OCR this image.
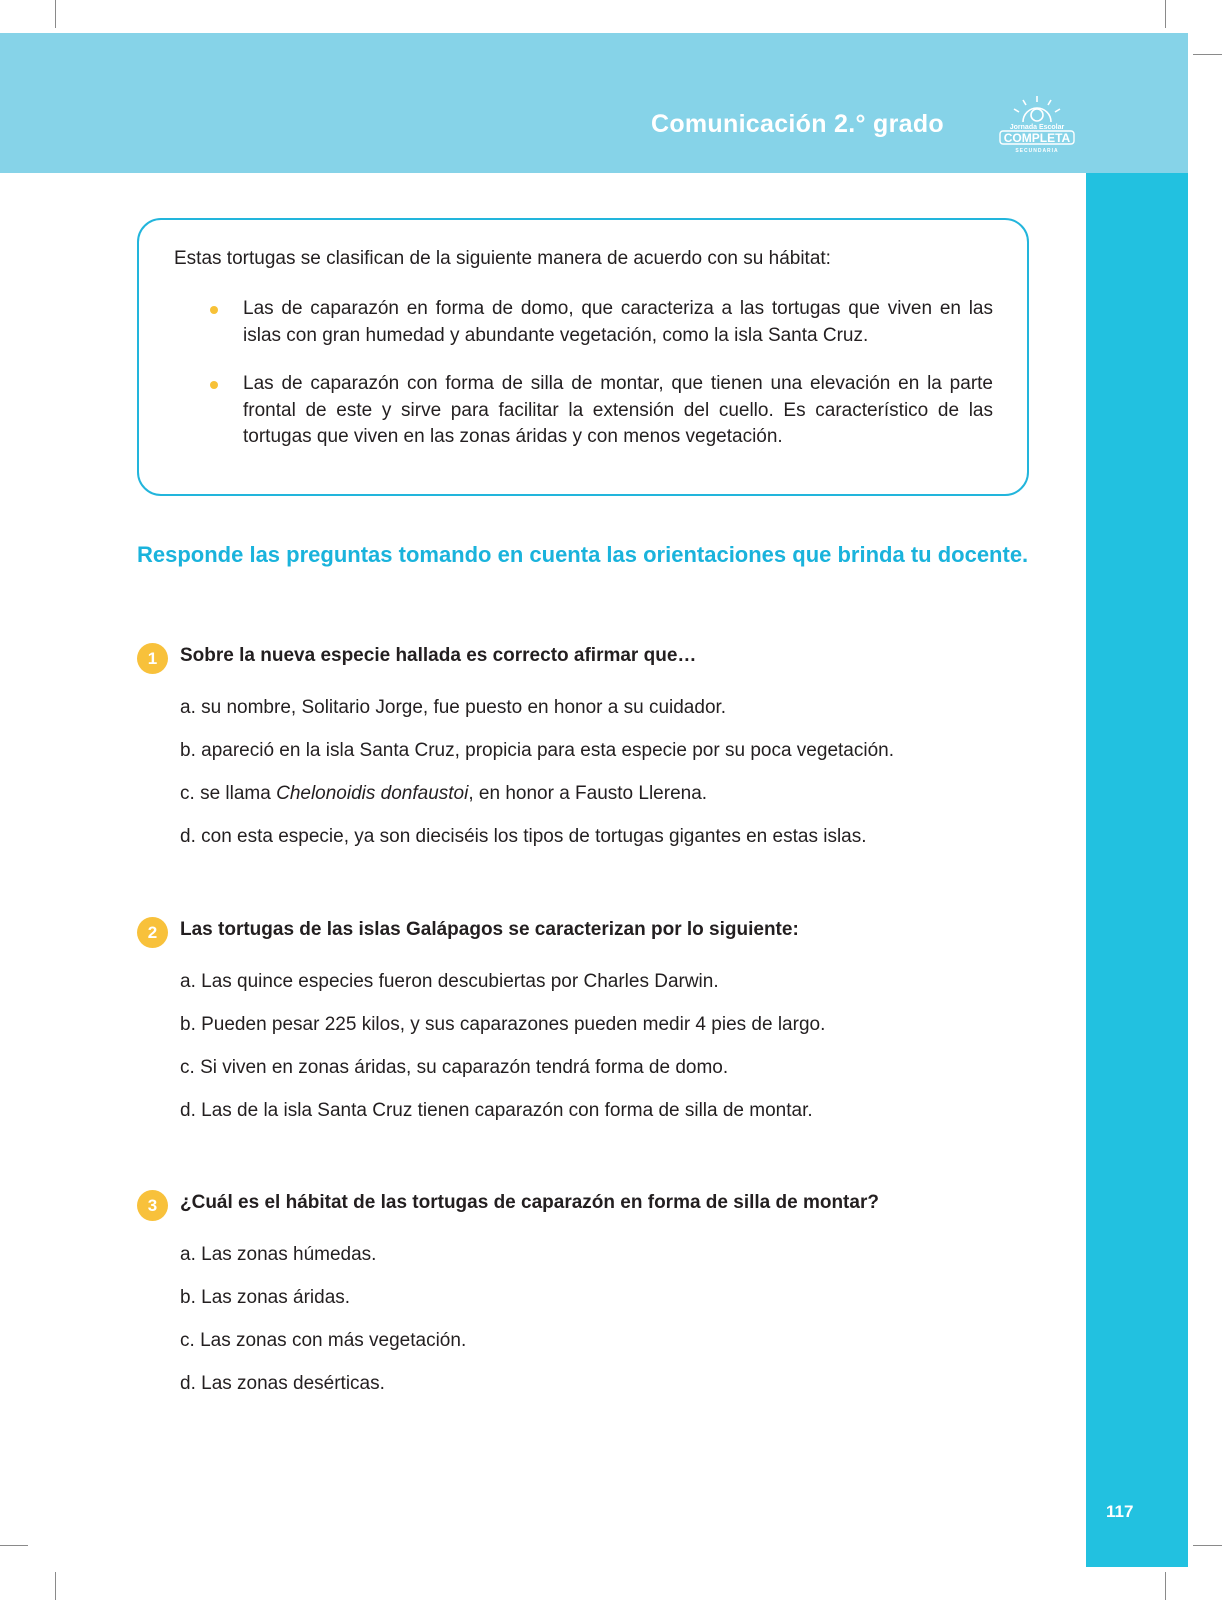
Comunicación 2.° grado	Jornada Escolar
COMPLETA
SECUNDARIA
117
Estas tortugas se clasifican de la siguiente manera de acuerdo con su hábitat:
Las de caparazón en forma de domo, que caracteriza a las tortugas que viven en las islas con gran humedad y abundante vegetación, como la isla Santa Cruz.
Las de caparazón con forma de silla de montar, que tienen una elevación en la parte frontal de este y sirve para facilitar la extensión del cuello. Es característico de las tortugas que viven en las zonas áridas y con menos vegetación.
Responde las preguntas tomando en cuenta las orientaciones que brinda tu docente.
1	Sobre la nueva especie hallada es correcto afirmar que…
a. su nombre, Solitario Jorge, fue puesto en honor a su cuidador.
b. apareció en la isla Santa Cruz, propicia para esta especie por su poca vegetación.
c. se llama Chelonoidis donfaustoi, en honor a Fausto Llerena.
d. con esta especie, ya son dieciséis los tipos de tortugas gigantes en estas islas.
2	Las tortugas de las islas Galápagos se caracterizan por lo siguiente:
a. Las quince especies fueron descubiertas por Charles Darwin.
b. Pueden pesar 225 kilos, y sus caparazones pueden medir 4 pies de largo.
c. Si viven en zonas áridas, su caparazón tendrá forma de domo.
d. Las de la isla Santa Cruz tienen caparazón con forma de silla de montar.
3	¿Cuál es el hábitat de las tortugas de caparazón en forma de silla de montar?
a. Las zonas húmedas.
b. Las zonas áridas.
c. Las zonas con más vegetación.
d. Las zonas desérticas.
